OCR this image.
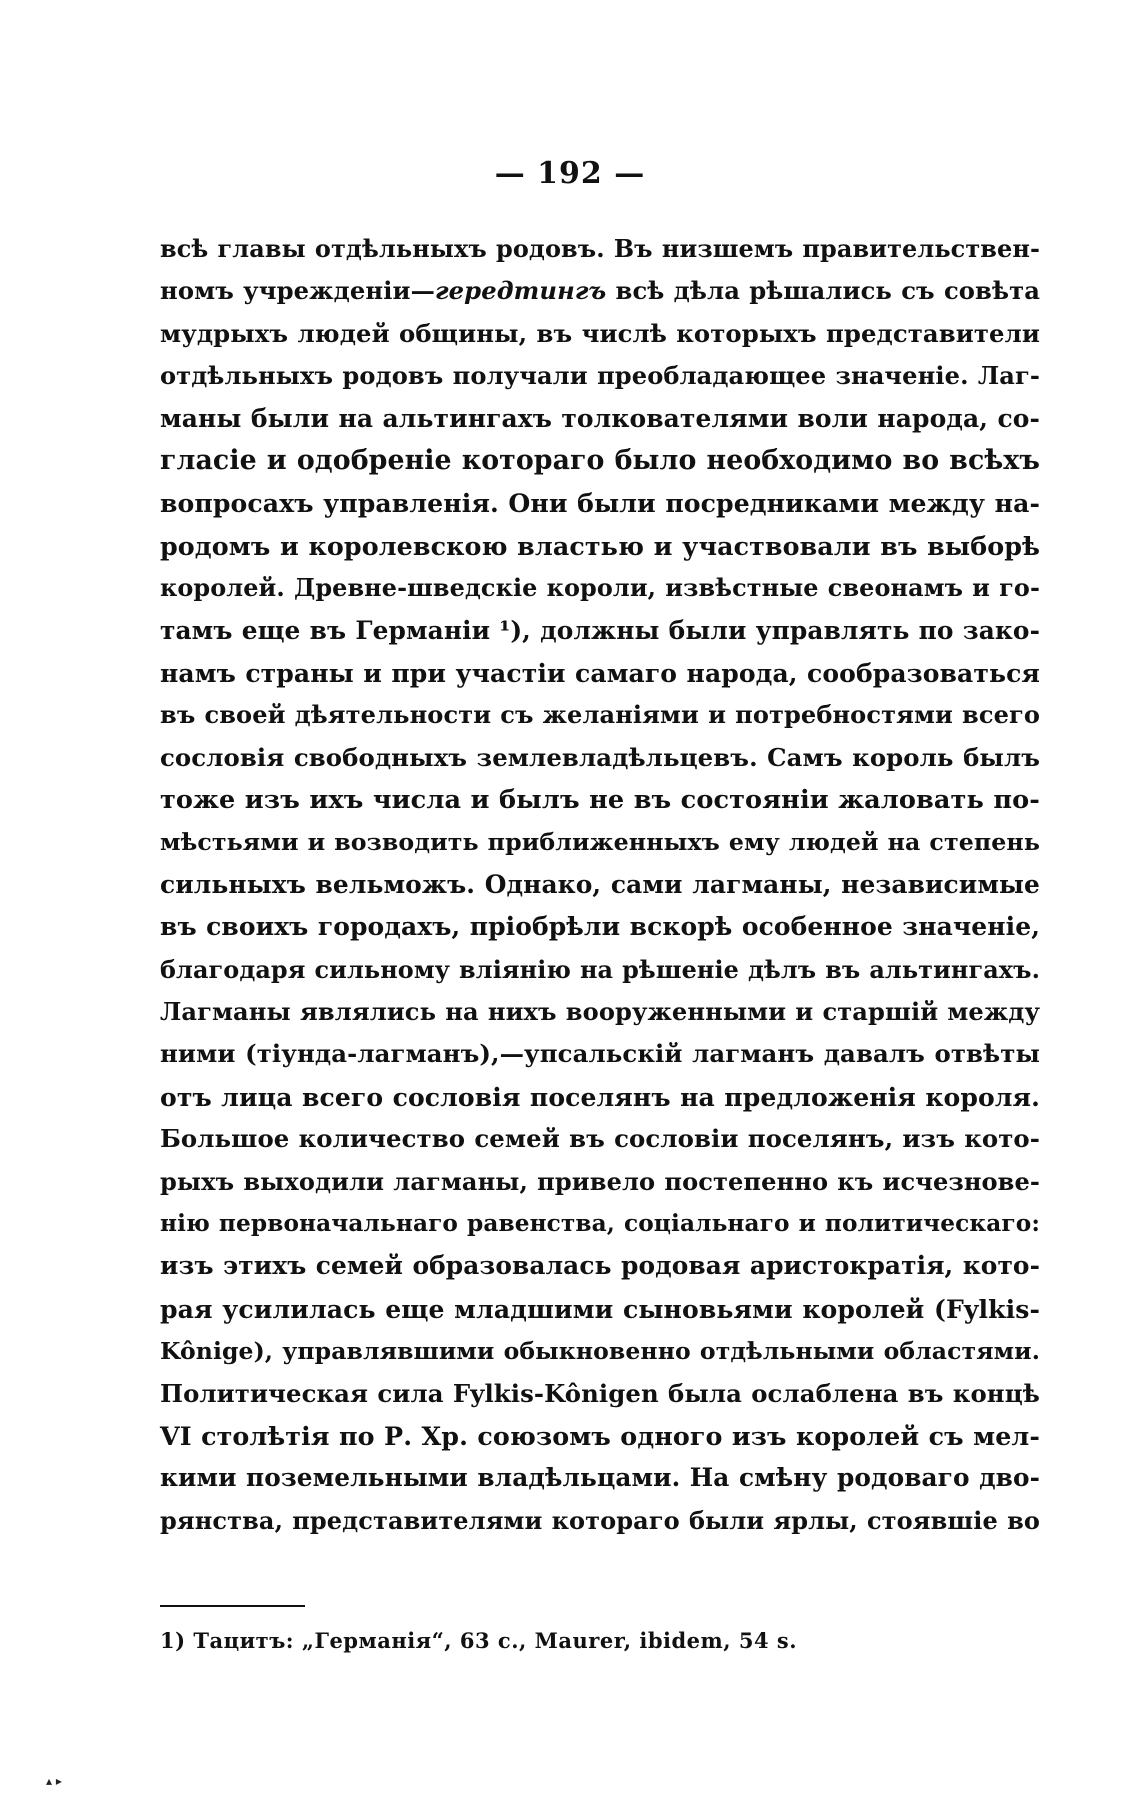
— 192 —
всѣ главы отдѣльныхъ родовъ. Въ низшемъ правительствен-
номъ учрежденіи—гередтингъ всѣ дѣла рѣшались съ совѣта
мудрыхъ людей общины, въ числѣ которыхъ представители
отдѣльныхъ родовъ получали преобладающее значеніе. Лаг-
маны были на альтингахъ толкователями воли народа, со-
гласіе и одобреніе котораго было необходимо во всѣхъ
вопросахъ управленія. Они были посредниками между на-
родомъ и королевскою властью и участвовали въ выборѣ
королей. Древне-шведскіе короли, извѣстные свеонамъ и го-
тамъ еще въ Германіи ¹), должны были управлять по зако-
намъ страны и при участіи самаго народа, сообразоваться
въ своей дѣятельности съ желаніями и потребностями всего
сословія свободныхъ землевладѣльцевъ. Самъ король былъ
тоже изъ ихъ числа и былъ не въ состояніи жаловать по-
мѣстьями и возводить приближенныхъ ему людей на степень
сильныхъ вельможъ. Однако, сами лагманы, независимые
въ своихъ городахъ, пріобрѣли вскорѣ особенное значеніе,
благодаря сильному вліянію на рѣшеніе дѣлъ въ альтингахъ.
Лагманы являлись на нихъ вооруженными и старшій между
ними (тіунда-лагманъ),—упсальскій лагманъ давалъ отвѣты
отъ лица всего сословія поселянъ на предложенія короля.
Большое количество семей въ сословіи поселянъ, изъ кото-
рыхъ выходили лагманы, привело постепенно къ исчезнове-
нію первоначальнаго равенства, соціальнаго и политическаго:
изъ этихъ семей образовалась родовая аристократія, кото-
рая усилилась еще младшими сыновьями королей (Fylkis-
Kônige), управлявшими обыкновенно отдѣльными областями.
Политическая сила Fylkis-Kônigen была ослаблена въ концѣ
VI столѣтія по Р. Хр. союзомъ одного изъ королей съ мел-
кими поземельными владѣльцами. На смѣну родоваго дво-
рянства, представителями котораго были ярлы, стоявшіе во
1) Тацитъ: „Германія“, 63 с., Maurer, ibidem, 54 s.
▴ ▸
